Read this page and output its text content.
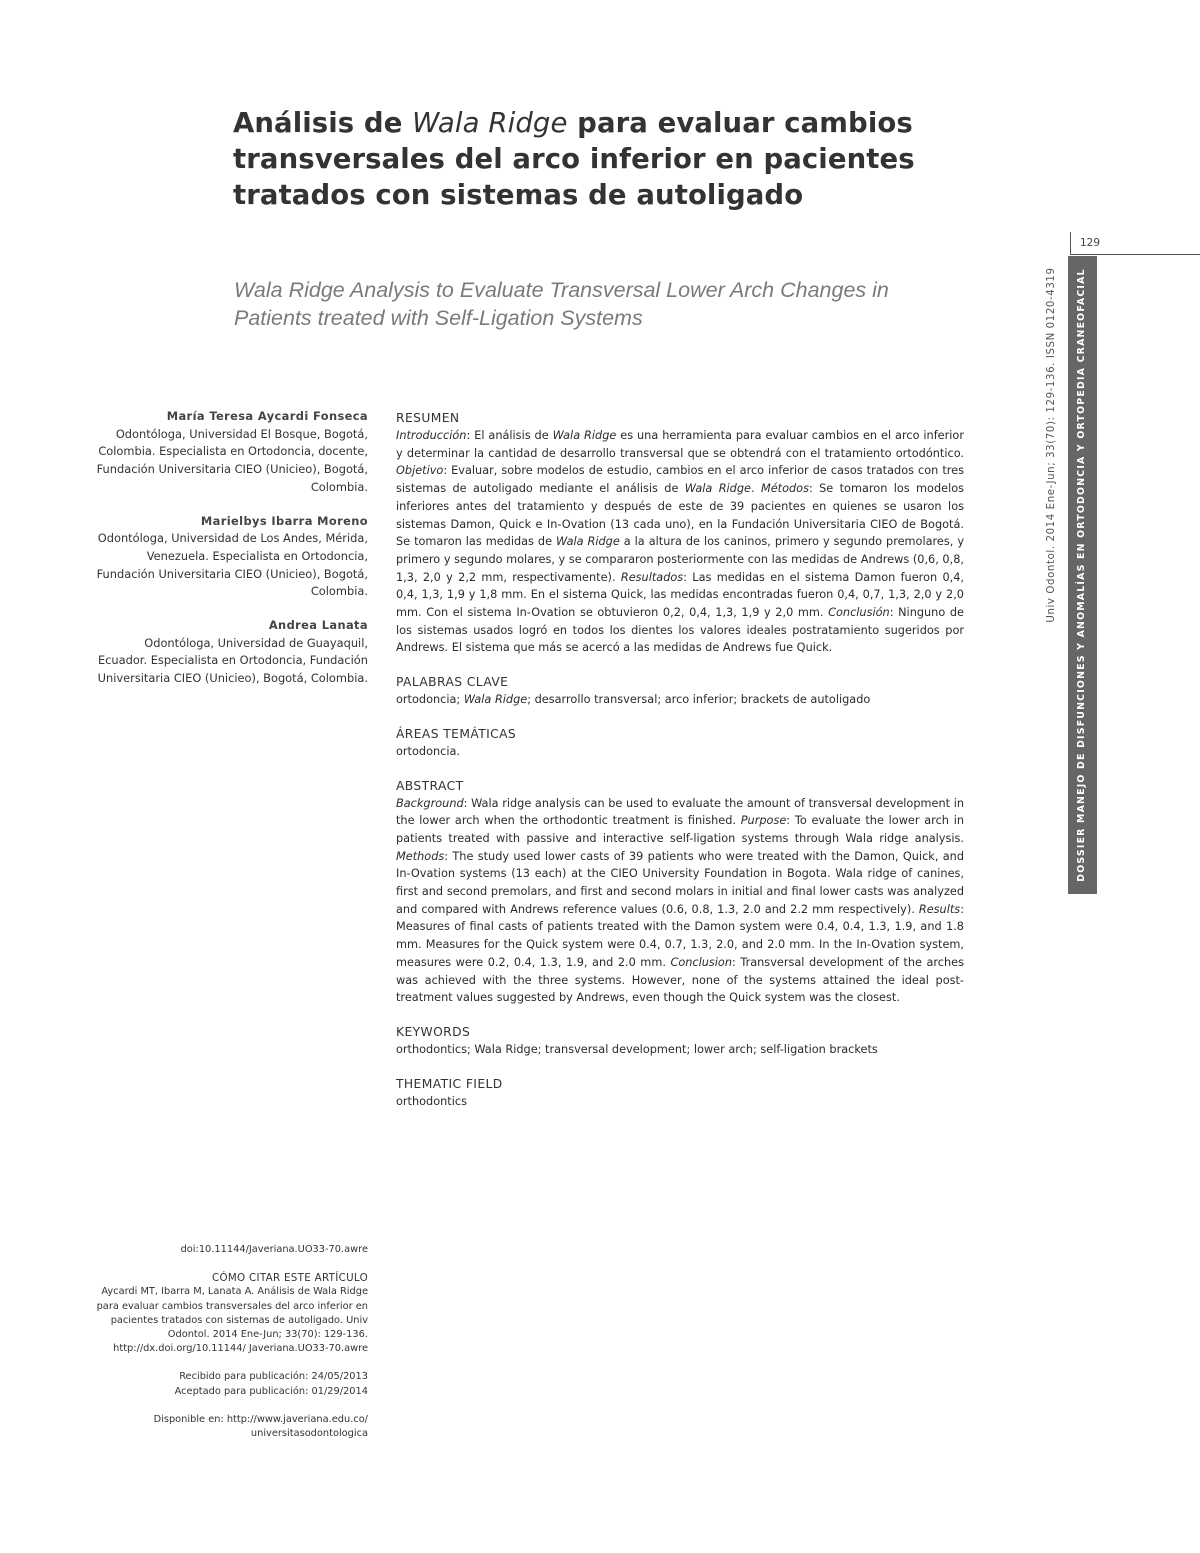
Análisis de Wala Ridge para evaluar cambios transversales del arco inferior en pacientes tratados con sistemas de autoligado
Wala Ridge Analysis to Evaluate Transversal Lower Arch Changes in Patients treated with Self-Ligation Systems
María Teresa Aycardi Fonseca
Odontóloga, Universidad El Bosque, Bogotá, Colombia. Especialista en Ortodoncia, docente, Fundación Universitaria CIEO (Unicieo), Bogotá, Colombia.
Marielbys Ibarra Moreno
Odontóloga, Universidad de Los Andes, Mérida, Venezuela. Especialista en Ortodoncia, Fundación Universitaria CIEO (Unicieo), Bogotá, Colombia.
Andrea Lanata
Odontóloga, Universidad de Guayaquil, Ecuador. Especialista en Ortodoncia, Fundación Universitaria CIEO (Unicieo), Bogotá, Colombia.
doi:10.11144/Javeriana.UO33-70.awre
CÓMO CITAR ESTE ARTÍCULO
Aycardi MT, Ibarra M, Lanata A. Análisis de Wala Ridge para evaluar cambios transversales del arco inferior en pacientes tratados con sistemas de autoligado. Univ Odontol. 2014 Ene-Jun; 33(70): 129-136. http://dx.doi.org/10.11144/ Javeriana.UO33-70.awre
Recibido para publicación: 24/05/2013
Aceptado para publicación: 01/29/2014
Disponible en: http://www.javeriana.edu.co/
universitasodontologica
RESUMEN

Introducción: El análisis de Wala Ridge es una herramienta para evaluar cambios en el arco inferior y determinar la cantidad de desarrollo transversal que se obtendrá con el tratamiento ortodóntico. Objetivo: Evaluar, sobre modelos de estudio, cambios en el arco inferior de casos tratados con tres sistemas de autoligado mediante el análisis de Wala Ridge. Métodos: Se tomaron los modelos inferiores antes del tratamiento y después de este de 39 pacientes en quienes se usaron los sistemas Damon, Quick e In-Ovation (13 cada uno), en la Fundación Universitaria CIEO de Bogotá. Se tomaron las medidas de Wala Ridge a la altura de los caninos, primero y segundo premolares, y primero y segundo molares, y se compararon posteriormente con las medidas de Andrews (0,6, 0,8, 1,3, 2,0 y 2,2 mm, respectivamente). Resultados: Las medidas en el sistema Damon fueron 0,4, 0,4, 1,3, 1,9 y 1,8 mm. En el sistema Quick, las medidas encontradas fueron 0,4, 0,7, 1,3, 2,0 y 2,0 mm. Con el sistema In-Ovation se obtuvieron 0,2, 0,4, 1,3, 1,9 y 2,0 mm. Conclusión: Ninguno de los sistemas usados logró en todos los dientes los valores ideales postratamiento sugeridos por Andrews. El sistema que más se acercó a las medidas de Andrews fue Quick.

PALABRAS CLAVE

ortodoncia; Wala Ridge; desarrollo transversal; arco inferior; brackets de autoligado

ÁREAS TEMÁTICAS

ortodoncia.

ABSTRACT

Background: Wala ridge analysis can be used to evaluate the amount of transversal development in the lower arch when the orthodontic treatment is finished. Purpose: To evaluate the lower arch in patients treated with passive and interactive self-ligation systems through Wala ridge analysis. Methods: The study used lower casts of 39 patients who were treated with the Damon, Quick, and In-Ovation systems (13 each) at the CIEO University Foundation in Bogota. Wala ridge of canines, first and second premolars, and first and second molars in initial and final lower casts was analyzed and compared with Andrews reference values (0.6, 0.8, 1.3, 2.0 and 2.2 mm respectively). Results: Measures of final casts of patients treated with the Damon system were 0.4, 0.4, 1.3, 1.9, and 1.8 mm. Measures for the Quick system were 0.4, 0.7, 1.3, 2.0, and 2.0 mm. In the In-Ovation system, measures were 0.2, 0.4, 1.3, 1.9, and 2.0 mm. Conclusion: Transversal development of the arches was achieved with the three systems. However, none of the systems attained the ideal post-treatment values suggested by Andrews, even though the Quick system was the closest.

KEYWORDS

orthodontics; Wala Ridge; transversal development; lower arch; self-ligation brackets

THEMATIC FIELD

orthodontics

129
DOSSIER MANEJO DE DISFUNCIONES Y ANOMALÍAS EN ORTODONCIA Y ORTOPEDIA CRANEOFACIAL
Univ Odontol. 2014 Ene-Jun; 33(70): 129-136. ISSN 0120-4319
